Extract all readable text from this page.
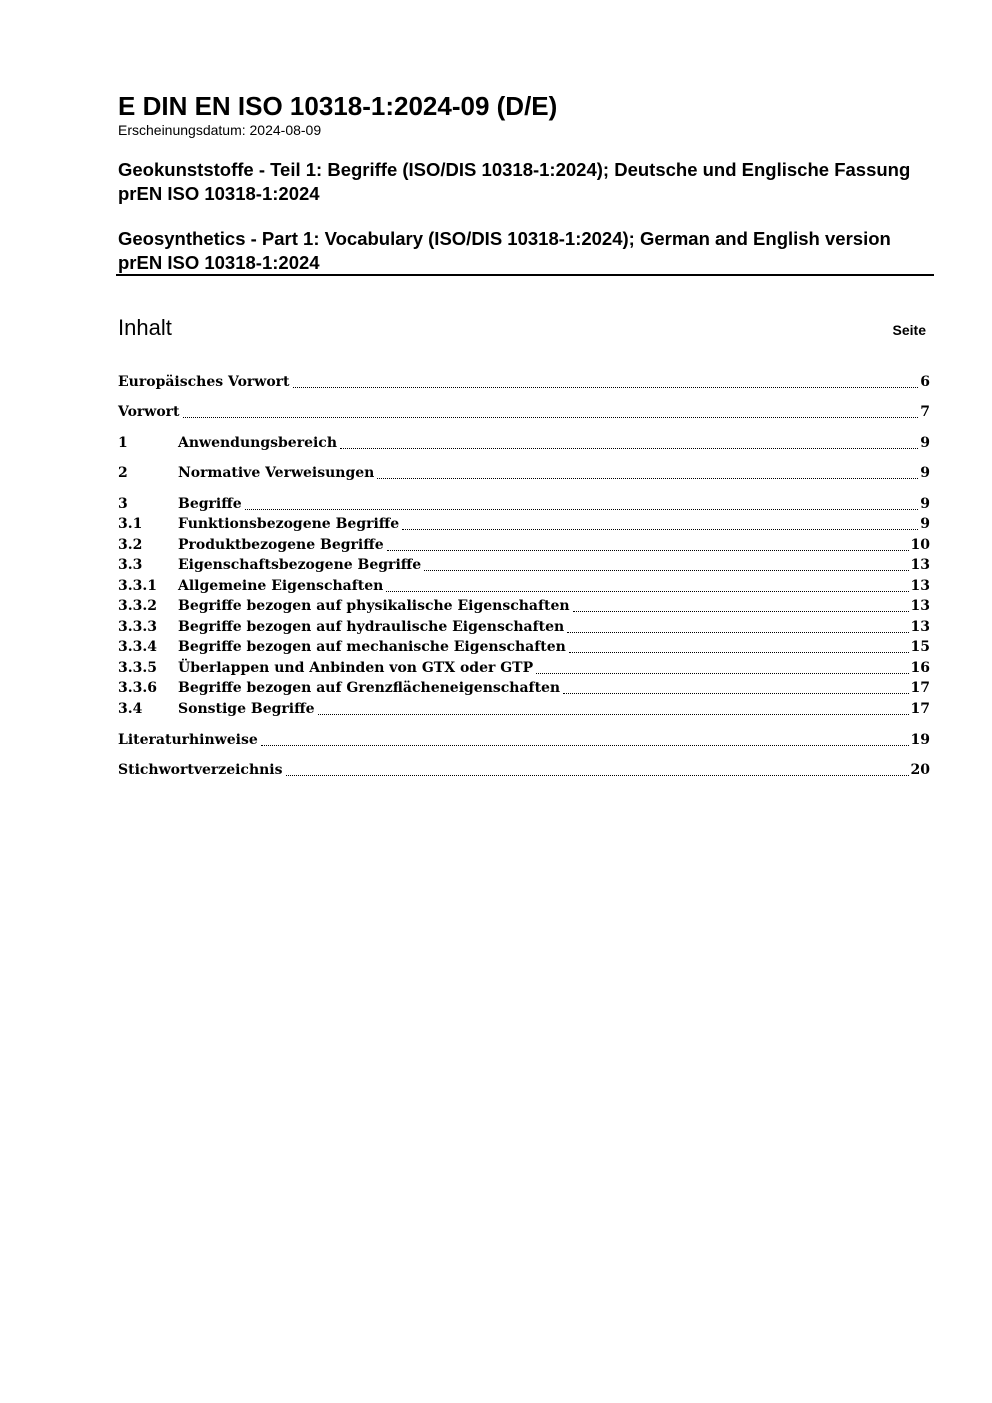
E DIN EN ISO 10318-1:2024-09 (D/E)

Erscheinungsdatum: 2024-08-09

Geokunststoffe - Teil 1: Begriffe (ISO/DIS 10318-1:2024); Deutsche und Englische Fassung prEN ISO 10318-1:2024

Geosynthetics - Part 1: Vocabulary (ISO/DIS 10318-1:2024); German and English version prEN ISO 10318-1:2024

Inhalt	Seite
Europäisches Vorwort	6
Vorwort	7
1	Anwendungsbereich	9
2	Normative Verweisungen	9
3	Begriffe	9
3.1	Funktionsbezogene Begriffe	9
3.2	Produktbezogene Begriffe	10
3.3	Eigenschaftsbezogene Begriffe	13
3.3.1	Allgemeine Eigenschaften	13
3.3.2	Begriffe bezogen auf physikalische Eigenschaften	13
3.3.3	Begriffe bezogen auf hydraulische Eigenschaften	13
3.3.4	Begriffe bezogen auf mechanische Eigenschaften	15
3.3.5	Überlappen und Anbinden von GTX oder GTP	16
3.3.6	Begriffe bezogen auf Grenzflächeneigenschaften	17
3.4	Sonstige Begriffe	17
Literaturhinweise	19
Stichwortverzeichnis	20
